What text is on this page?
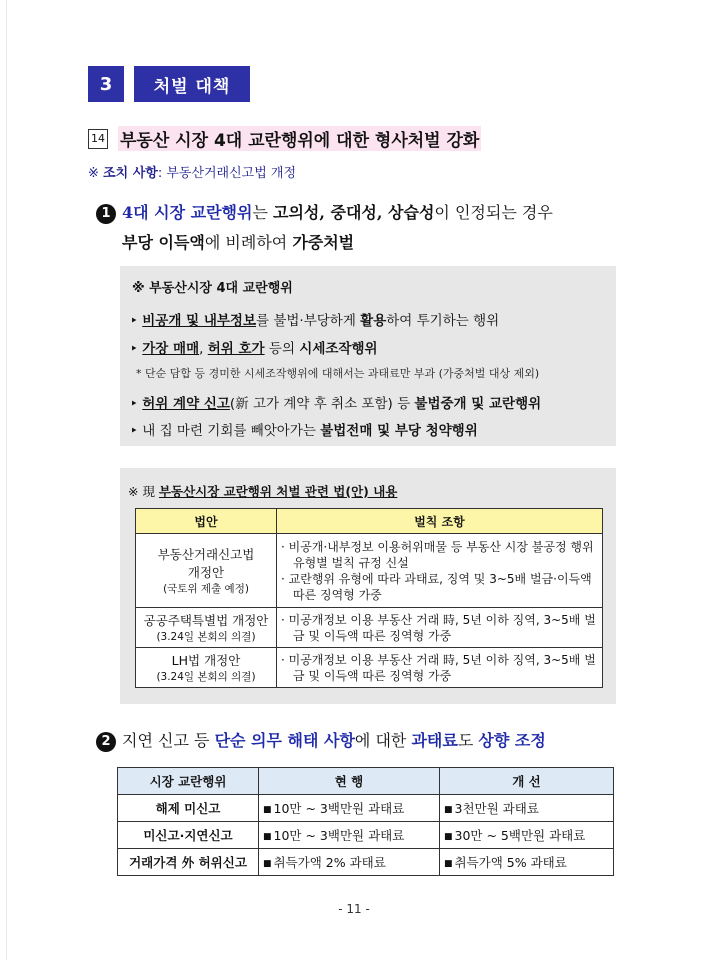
3	처벌 대책
14 부동산 시장 4대 교란행위에 대한 형사처벌 강화
※ 조치 사항: 부동산거래신고법 개정
1 4대 시장 교란행위는 고의성, 중대성, 상습성이 인정되는 경우
부당 이득액에 비례하여 가중처벌
※ 부동산시장 4대 교란행위
‣ 비공개 및 내부정보를 불법·부당하게 활용하여 투기하는 행위
‣ 가장 매매, 허위 호가 등의 시세조작행위
* 단순 담합 등 경미한 시세조작행위에 대해서는 과태료만 부과 (가중처벌 대상 제외)
‣ 허위 계약 신고(新 고가 계약 후 취소 포함) 등 불법중개 및 교란행위
‣ 내 집 마련 기회를 빼앗아가는 불법전매 및 부당 청약행위
※ 現 부동산시장 교란행위 처벌 관련 법(안) 내용
법안	벌칙 조항

부동산거래신고법
개정안
(국토위 제출 예정)	· 비공개·내부정보 이용허위매물 등 부동산 시장 불공정 행위 유형별 벌칙 규정 신설
· 교란행위 유형에 따라 과태료, 징역 및 3~5배 벌금·이득액 따른 징역형 가중

공공주택특별법 개정안
(3.24일 본회의 의결)	· 미공개정보 이용 부동산 거래 時, 5년 이하 징역, 3~5배 벌금 및 이득액 따른 징역형 가중

LH법 개정안
(3.24일 본회의 의결)	· 미공개정보 이용 부동산 거래 時, 5년 이하 징역, 3~5배 벌금 및 이득액 따른 징역형 가중
2 지연 신고 등 단순 의무 해태 사항에 대한 과태료도 상향 조정
시장 교란행위	현 행	개 선
해제 미신고	■ 10만 ~ 3백만원 과태료	■ 3천만원 과태료
미신고·지연신고	■ 10만 ~ 3백만원 과태료	■ 30만 ~ 5백만원 과태료
거래가격 外 허위신고	■ 취득가액 2% 과태료	■ 취득가액 5% 과태료
- 11 -
